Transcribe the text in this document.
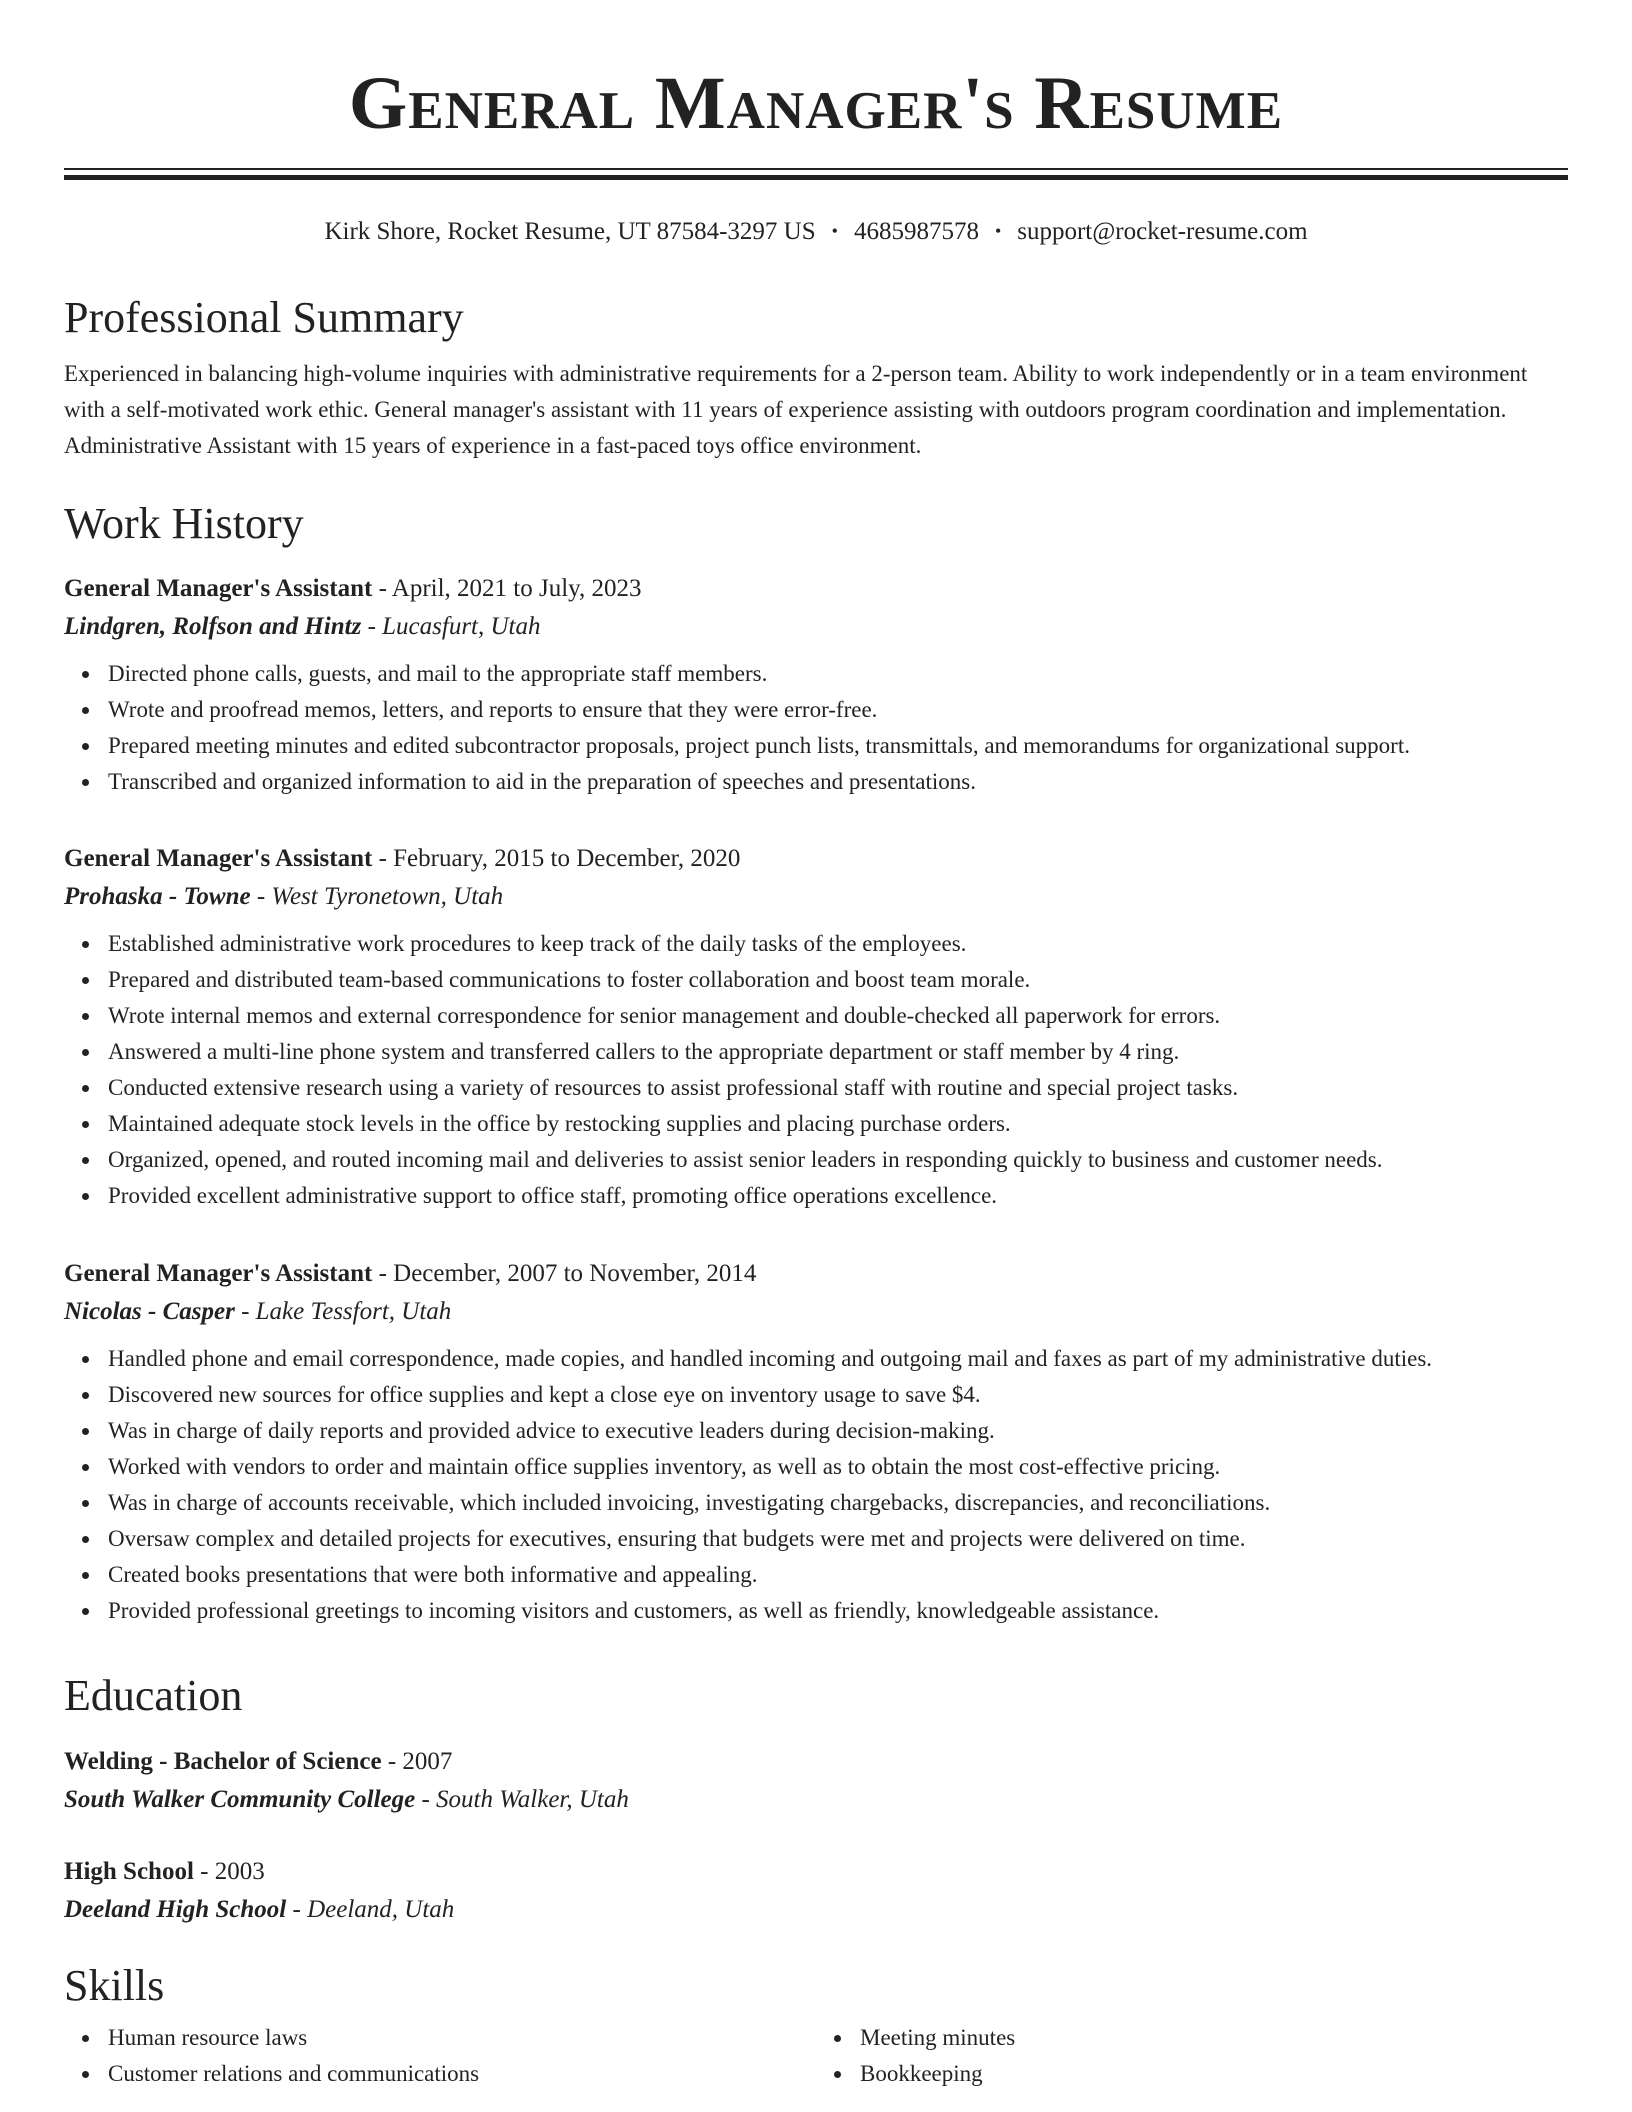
General Manager's Resume
Kirk Shore, Rocket Resume, UT 87584-3297 US • 4685987578 • support@rocket-resume.com
Professional Summary

Experienced in balancing high-volume inquiries with administrative requirements for a 2-person team. Ability to work independently or in a team environment with a self-motivated work ethic. General manager's assistant with 11 years of experience assisting with outdoors program coordination and implementation. Administrative Assistant with 15 years of experience in a fast-paced toys office environment.

Work History

General Manager's Assistant - April, 2021 to July, 2023

Lindgren, Rolfson and Hintz - Lucasfurt, Utah

Directed phone calls, guests, and mail to the appropriate staff members.
Wrote and proofread memos, letters, and reports to ensure that they were error-free.
Prepared meeting minutes and edited subcontractor proposals, project punch lists, transmittals, and memorandums for organizational support.
Transcribed and organized information to aid in the preparation of speeches and presentations.

General Manager's Assistant - February, 2015 to December, 2020

Prohaska - Towne - West Tyronetown, Utah

Established administrative work procedures to keep track of the daily tasks of the employees.
Prepared and distributed team-based communications to foster collaboration and boost team morale.
Wrote internal memos and external correspondence for senior management and double-checked all paperwork for errors.
Answered a multi-line phone system and transferred callers to the appropriate department or staff member by 4 ring.
Conducted extensive research using a variety of resources to assist professional staff with routine and special project tasks.
Maintained adequate stock levels in the office by restocking supplies and placing purchase orders.
Organized, opened, and routed incoming mail and deliveries to assist senior leaders in responding quickly to business and customer needs.
Provided excellent administrative support to office staff, promoting office operations excellence.

General Manager's Assistant - December, 2007 to November, 2014

Nicolas - Casper - Lake Tessfort, Utah

Handled phone and email correspondence, made copies, and handled incoming and outgoing mail and faxes as part of my administrative duties.
Discovered new sources for office supplies and kept a close eye on inventory usage to save $4.
Was in charge of daily reports and provided advice to executive leaders during decision-making.
Worked with vendors to order and maintain office supplies inventory, as well as to obtain the most cost-effective pricing.
Was in charge of accounts receivable, which included invoicing, investigating chargebacks, discrepancies, and reconciliations.
Oversaw complex and detailed projects for executives, ensuring that budgets were met and projects were delivered on time.
Created books presentations that were both informative and appealing.
Provided professional greetings to incoming visitors and customers, as well as friendly, knowledgeable assistance.
Education

Welding - Bachelor of Science - 2007

South Walker Community College - South Walker, Utah

High School - 2003

Deeland High School - Deeland, Utah

Skills
Human resource laws
Customer relations and communications
Meeting minutes
Bookkeeping
